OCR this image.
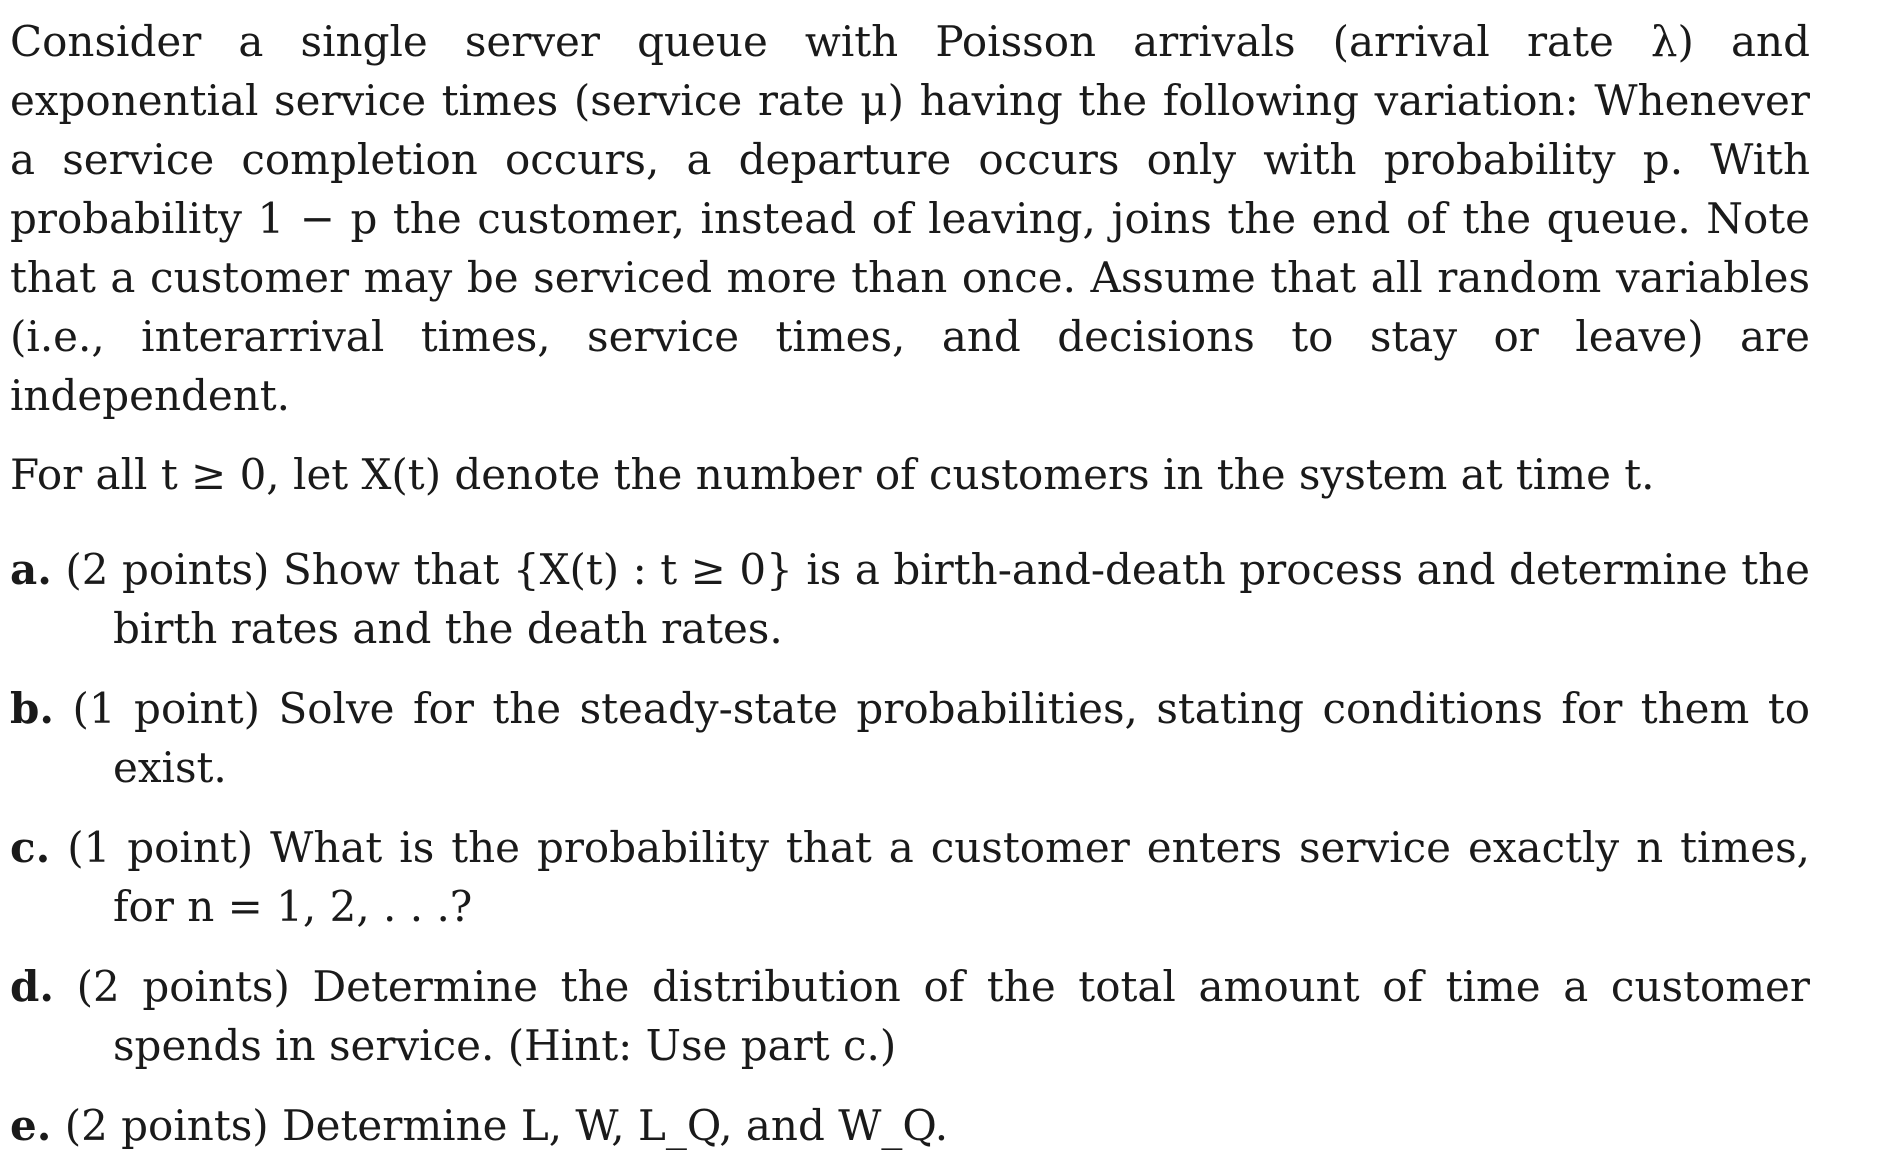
Consider a single server queue with Poisson arrivals (arrival rate λ) and exponential service times (service rate μ) having the following variation: Whenever a service completion occurs, a departure occurs only with probability p. With probability 1 − p the customer, instead of leaving, joins the end of the queue. Note that a customer may be serviced more than once. Assume that all random variables (i.e., interarrival times, service times, and decisions to stay or leave) are independent.

For all t ≥ 0, let X(t) denote the number of customers in the system at time t.

a. (2 points) Show that {X(t) : t ≥ 0} is a birth-and-death process and determine the birth rates and the death rates.
b. (1 point) Solve for the steady-state probabilities, stating conditions for them to exist.
c. (1 point) What is the probability that a customer enters service exactly n times, for n = 1, 2, . . .?
d. (2 points) Determine the distribution of the total amount of time a customer spends in service. (Hint: Use part c.)
e. (2 points) Determine L, W, L_Q, and W_Q.
